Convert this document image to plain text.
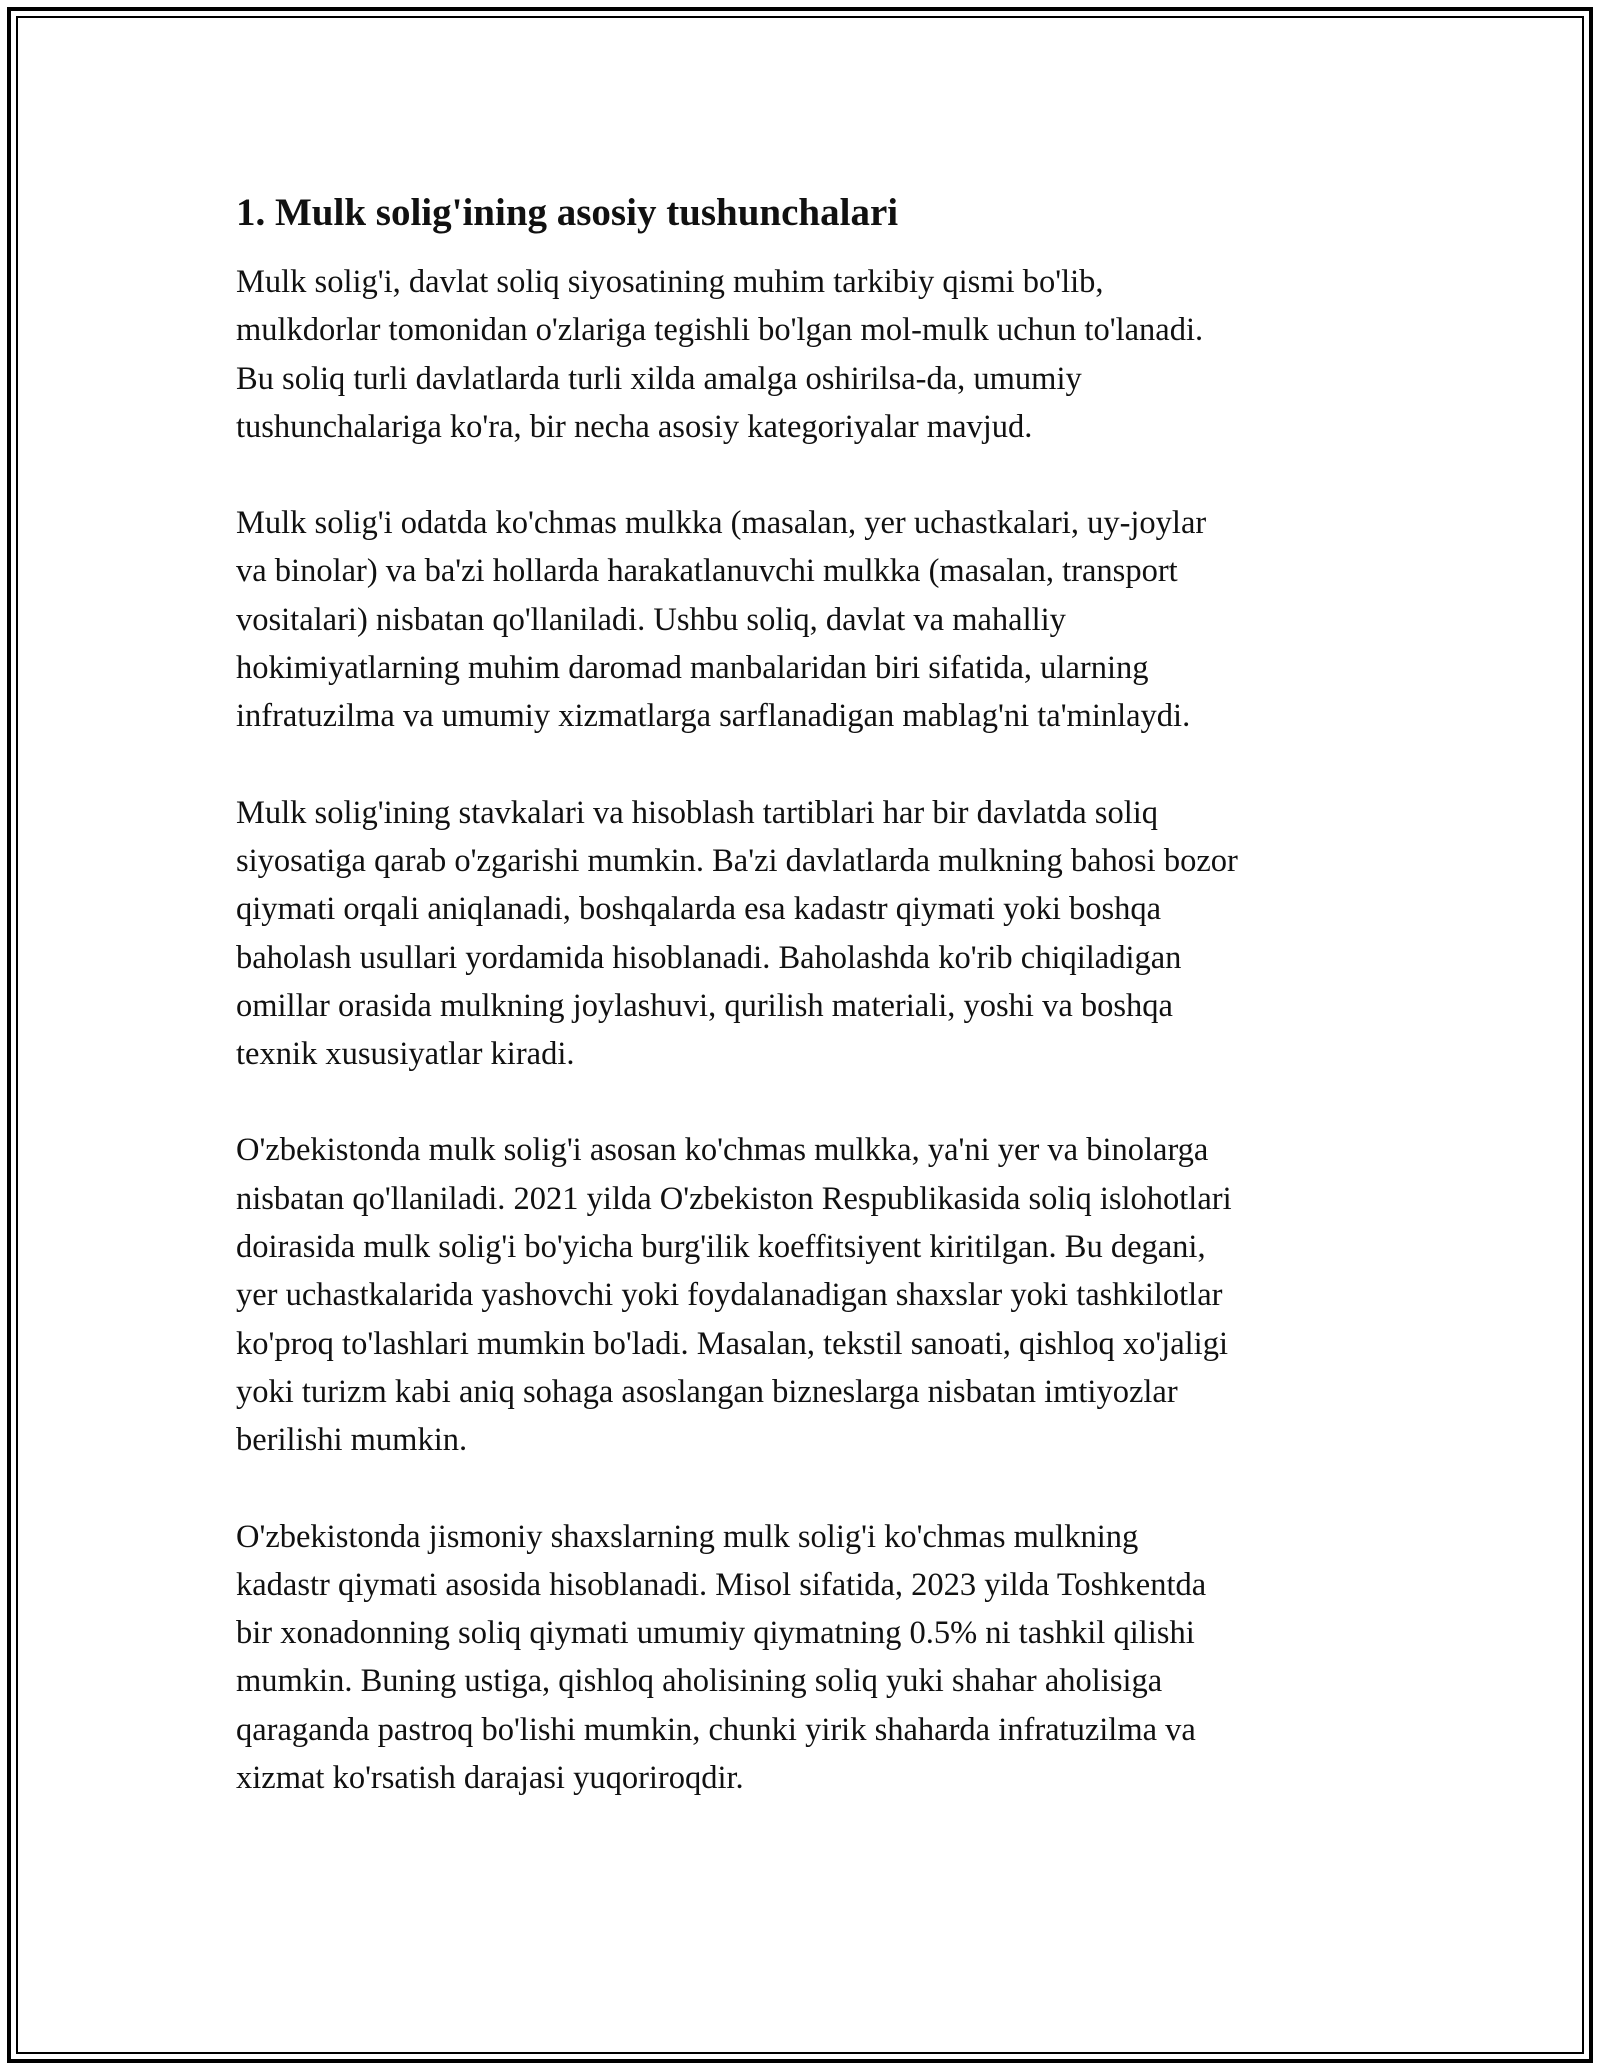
1. Mulk solig'ining asosiy tushunchalari

Mulk solig'i, davlat soliq siyosatining muhim tarkibiy qismi bo'lib,
mulkdorlar tomonidan o'zlariga tegishli bo'lgan mol-mulk uchun to'lanadi.
Bu soliq turli davlatlarda turli xilda amalga oshirilsa-da, umumiy
tushunchalariga ko'ra, bir necha asosiy kategoriyalar mavjud.

Mulk solig'i odatda ko'chmas mulkka (masalan, yer uchastkalari, uy-joylar
va binolar) va ba'zi hollarda harakatlanuvchi mulkka (masalan, transport
vositalari) nisbatan qo'llaniladi. Ushbu soliq, davlat va mahalliy
hokimiyatlarning muhim daromad manbalaridan biri sifatida, ularning
infratuzilma va umumiy xizmatlarga sarflanadigan mablag'ni ta'minlaydi.

Mulk solig'ining stavkalari va hisoblash tartiblari har bir davlatda soliq
siyosatiga qarab o'zgarishi mumkin. Ba'zi davlatlarda mulkning bahosi bozor
qiymati orqali aniqlanadi, boshqalarda esa kadastr qiymati yoki boshqa
baholash usullari yordamida hisoblanadi. Baholashda ko'rib chiqiladigan
omillar orasida mulkning joylashuvi, qurilish materiali, yoshi va boshqa
texnik xususiyatlar kiradi.

O'zbekistonda mulk solig'i asosan ko'chmas mulkka, ya'ni yer va binolarga
nisbatan qo'llaniladi. 2021 yilda O'zbekiston Respublikasida soliq islohotlari
doirasida mulk solig'i bo'yicha burg'ilik koeffitsiyent kiritilgan. Bu degani,
yer uchastkalarida yashovchi yoki foydalanadigan shaxslar yoki tashkilotlar
ko'proq to'lashlari mumkin bo'ladi. Masalan, tekstil sanoati, qishloq xo'jaligi
yoki turizm kabi aniq sohaga asoslangan bizneslarga nisbatan imtiyozlar
berilishi mumkin.

O'zbekistonda jismoniy shaxslarning mulk solig'i ko'chmas mulkning
kadastr qiymati asosida hisoblanadi. Misol sifatida, 2023 yilda Toshkentda
bir xonadonning soliq qiymati umumiy qiymatning 0.5% ni tashkil qilishi
mumkin. Buning ustiga, qishloq aholisining soliq yuki shahar aholisiga
qaraganda pastroq bo'lishi mumkin, chunki yirik shaharda infratuzilma va
xizmat ko'rsatish darajasi yuqoriroqdir.
